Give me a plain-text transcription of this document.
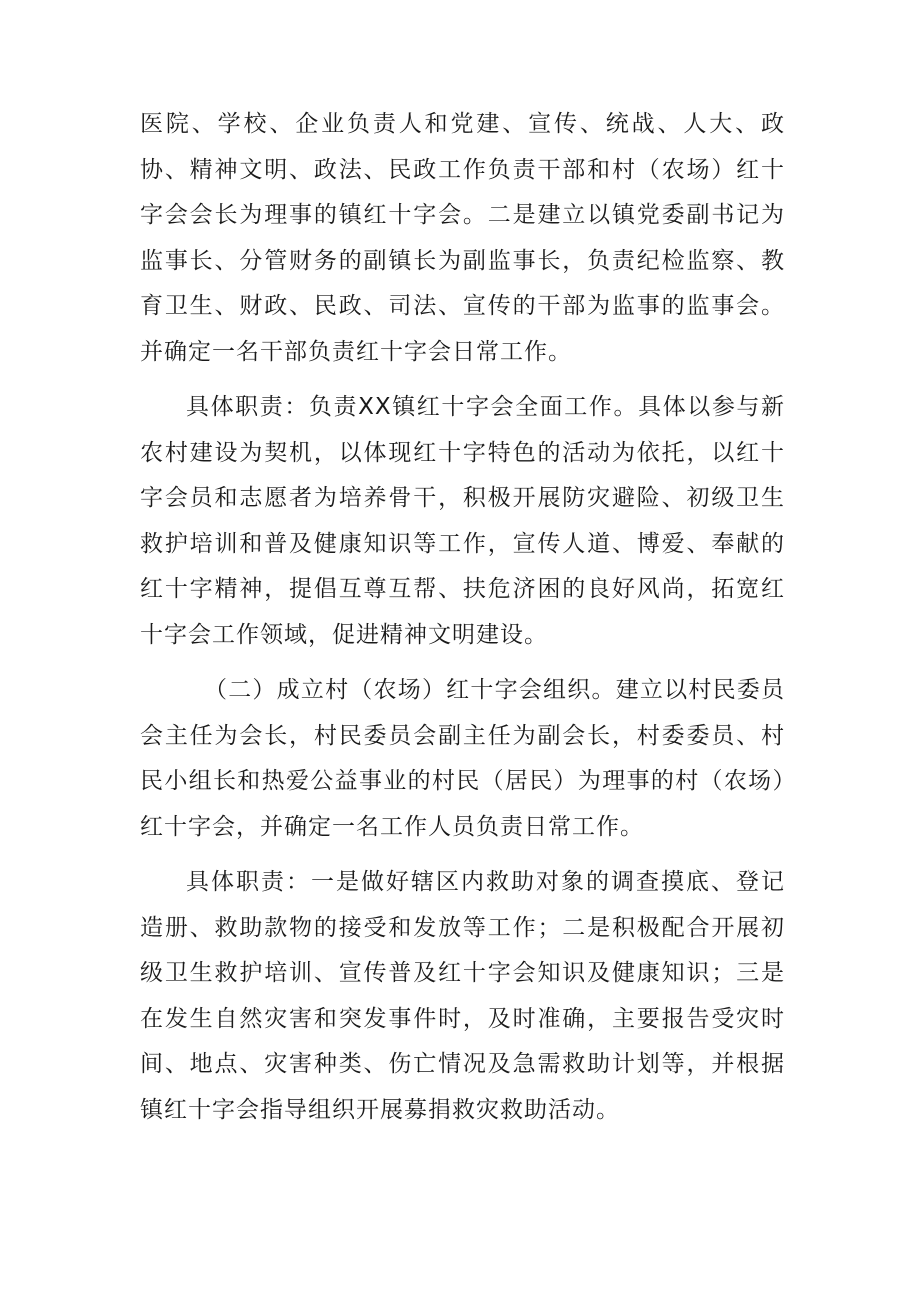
医院、学校、企业负责人和党建、宣传、统战、人大、政协、精神文明、政法、民政工作负责干部和村（农场）红十字会会长为理事的镇红十字会。二是建立以镇党委副书记为监事长、分管财务的副镇长为副监事长，负责纪检监察、教育卫生、财政、民政、司法、宣传的干部为监事的监事会。并确定一名干部负责红十字会日常工作。

具体职责：负责XX镇红十字会全面工作。具体以参与新农村建设为契机，以体现红十字特色的活动为依托，以红十字会员和志愿者为培养骨干，积极开展防灾避险、初级卫生救护培训和普及健康知识等工作，宣传人道、博爱、奉献的红十字精神，提倡互尊互帮、扶危济困的良好风尚，拓宽红十字会工作领域，促进精神文明建设。

（二）成立村（农场）红十字会组织。建立以村民委员会主任为会长，村民委员会副主任为副会长，村委委员、村民小组长和热爱公益事业的村民（居民）为理事的村（农场）红十字会，并确定一名工作人员负责日常工作。

具体职责：一是做好辖区内救助对象的调查摸底、登记造册、救助款物的接受和发放等工作；二是积极配合开展初级卫生救护培训、宣传普及红十字会知识及健康知识；三是在发生自然灾害和突发事件时，及时准确，主要报告受灾时间、地点、灾害种类、伤亡情况及急需救助计划等，并根据镇红十字会指导组织开展募捐救灾救助活动。
